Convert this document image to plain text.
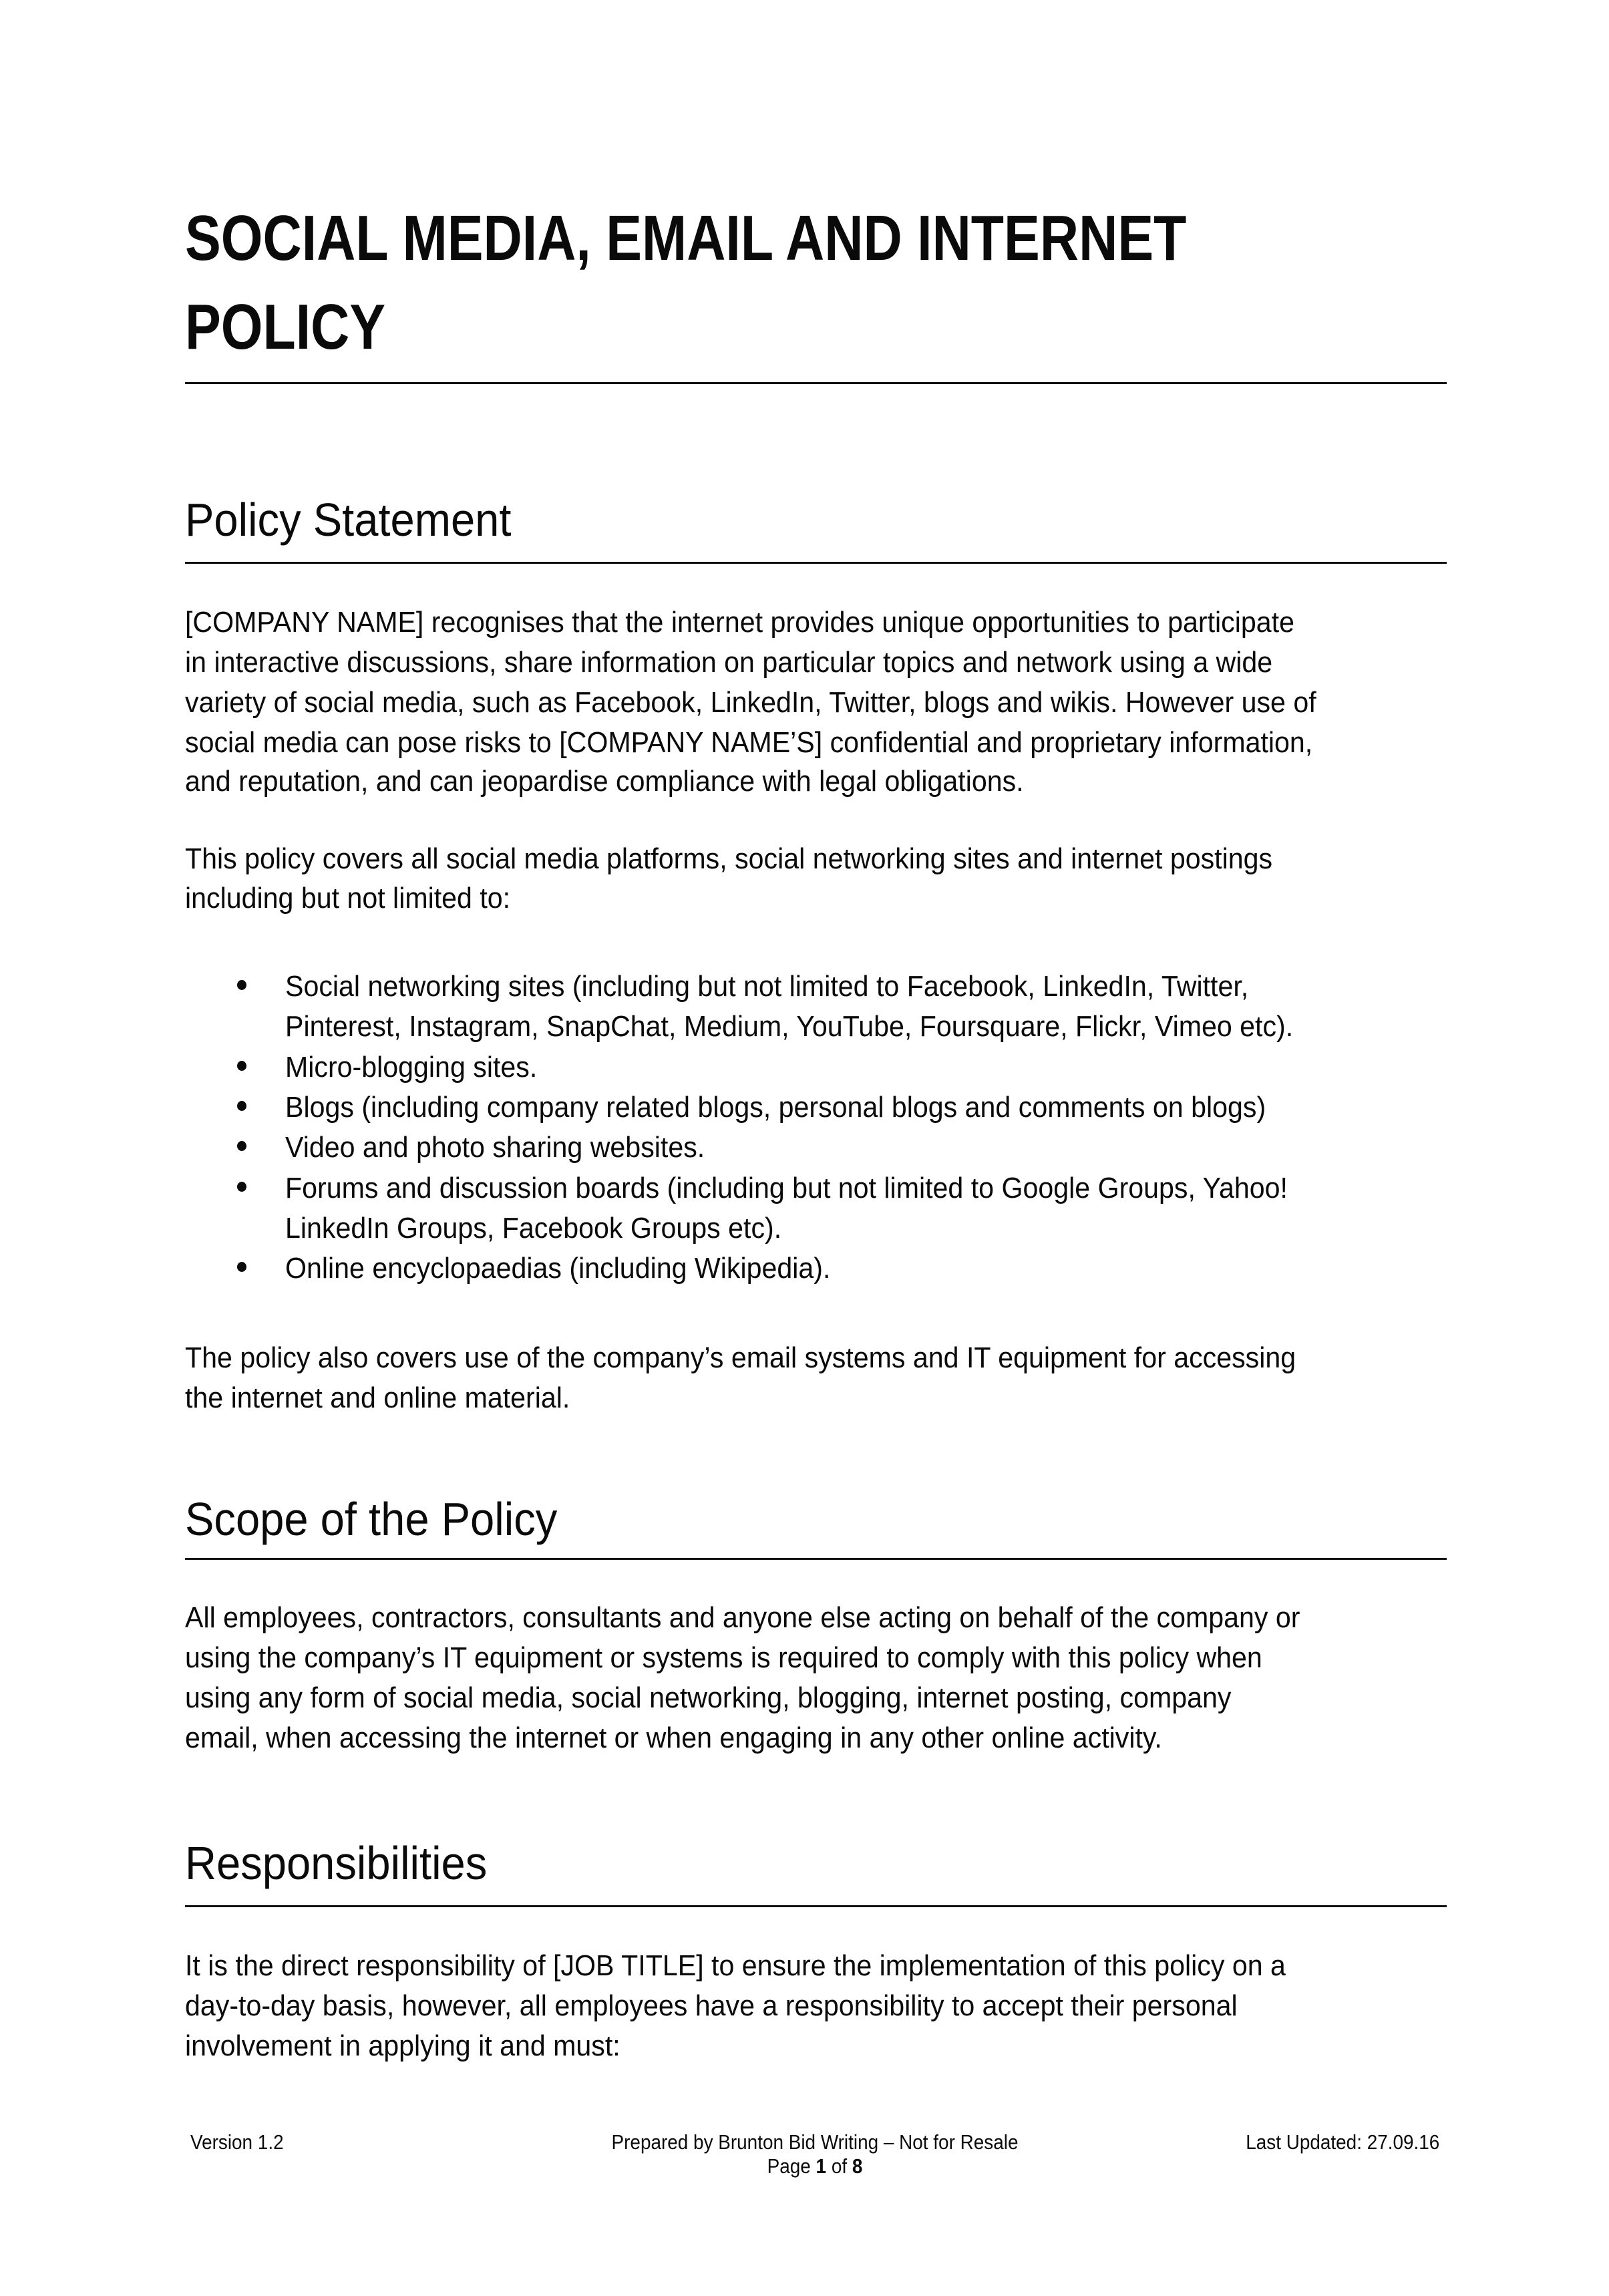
SOCIAL MEDIA, EMAIL AND INTERNET
POLICY
Policy Statement
[COMPANY NAME] recognises that the internet provides unique opportunities to participate
in interactive discussions, share information on particular topics and network using a wide
variety of social media, such as Facebook, LinkedIn, Twitter, blogs and wikis. However use of
social media can pose risks to [COMPANY NAME’S] confidential and proprietary information,
and reputation, and can jeopardise compliance with legal obligations.
This policy covers all social media platforms, social networking sites and internet postings
including but not limited to:
Social networking sites (including but not limited to Facebook, LinkedIn, Twitter,
Pinterest, Instagram, SnapChat, Medium, YouTube, Foursquare, Flickr, Vimeo etc).
Micro-blogging sites.
Blogs (including company related blogs, personal blogs and comments on blogs)
Video and photo sharing websites.
Forums and discussion boards (including but not limited to Google Groups, Yahoo!
LinkedIn Groups, Facebook Groups etc).
Online encyclopaedias (including Wikipedia).
The policy also covers use of the company’s email systems and IT equipment for accessing
the internet and online material.
Scope of the Policy
All employees, contractors, consultants and anyone else acting on behalf of the company or
using the company’s IT equipment or systems is required to comply with this policy when
using any form of social media, social networking, blogging, internet posting, company
email, when accessing the internet or when engaging in any other online activity.
Responsibilities
It is the direct responsibility of [JOB TITLE] to ensure the implementation of this policy on a
day-to-day basis, however, all employees have a responsibility to accept their personal
involvement in applying it and must:
Version 1.2	Prepared by Brunton Bid Writing – Not for Resale
Page 1 of 8
Last Updated: 27.09.16
